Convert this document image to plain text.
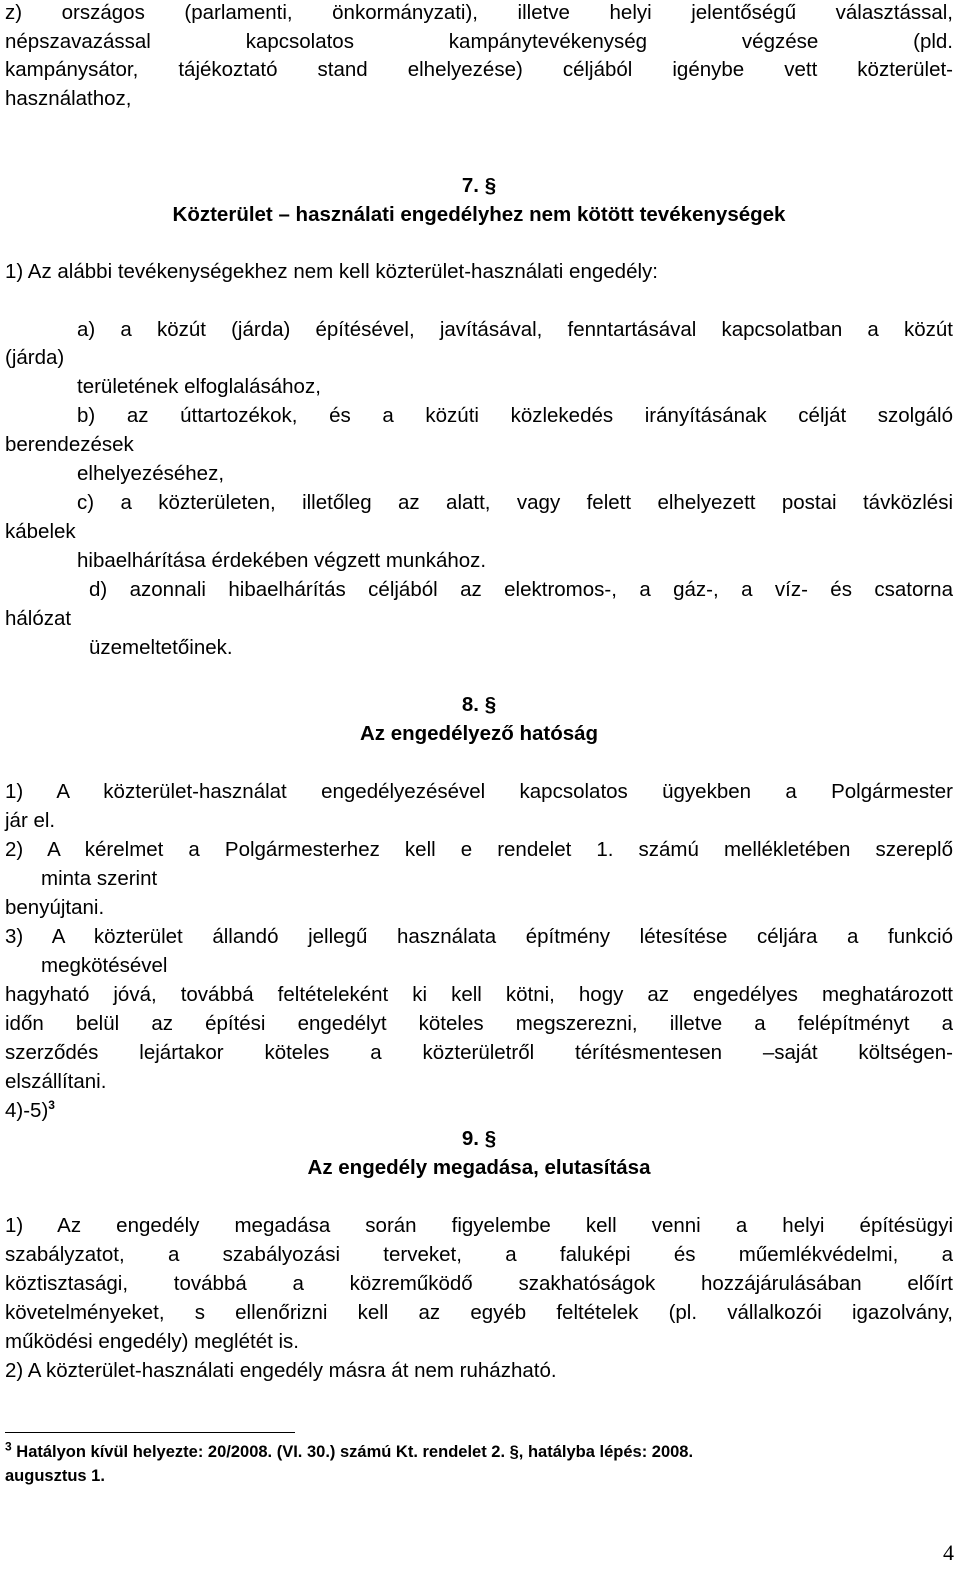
z) országos (parlamenti, önkormányzati), illetve helyi jelentőségű választással,
népszavazással kapcsolatos kampánytevékenység végzése (pld.
kampánysátor, tájékoztató stand elhelyezése) céljából igénybe vett közterület-
használathoz,
7. §
Közterület – használati engedélyhez nem kötött tevékenységek
1) Az alábbi tevékenységekhez nem kell közterület-használati engedély:
a) a közút (járda) építésével, javításával, fenntartásával kapcsolatban a közút
(járda)
területének elfoglalásához,
b) az úttartozékok, és a közúti közlekedés irányításának célját szolgáló
berendezések
elhelyezéséhez,
c) a közterületen, illetőleg az alatt, vagy felett elhelyezett postai távközlési
kábelek
hibaelhárítása érdekében végzett munkához.
d) azonnali hibaelhárítás céljából az elektromos-, a gáz-, a víz- és csatorna
hálózat
üzemeltetőinek.
8. §
Az engedélyező hatóság
1) A közterület-használat engedélyezésével kapcsolatos ügyekben a Polgármester
jár el.
2) A kérelmet a Polgármesterhez kell e rendelet 1. számú mellékletében szereplő
minta szerint
benyújtani.
3) A közterület állandó jellegű használata építmény létesítése céljára a funkció
megkötésével
hagyható jóvá, továbbá feltételeként ki kell kötni, hogy az engedélyes meghatározott
időn belül az építési engedélyt köteles megszerezni, illetve a felépítményt a
szerződés lejártakor köteles a közterületről térítésmentesen –saját költségen-
elszállítani.
4)-5)$^3$
9. §
Az engedély megadása, elutasítása
1) Az engedély megadása során figyelembe kell venni a helyi építésügyi
szabályzatot, a szabályozási terveket, a faluképi és műemlékvédelmi, a
köztisztasági, továbbá a közreműködő szakhatóságok hozzájárulásában előírt
követelményeket, s ellenőrizni kell az egyéb feltételek (pl. vállalkozói igazolvány,
működési engedély) meglétét is.
2) A közterület-használati engedély másra át nem ruházható.
$^3$ Hatályon kívül helyezte: 20/2008. (VI. 30.) számú Kt. rendelet 2. §, hatályba lépés: 2008.
augusztus 1.
4
